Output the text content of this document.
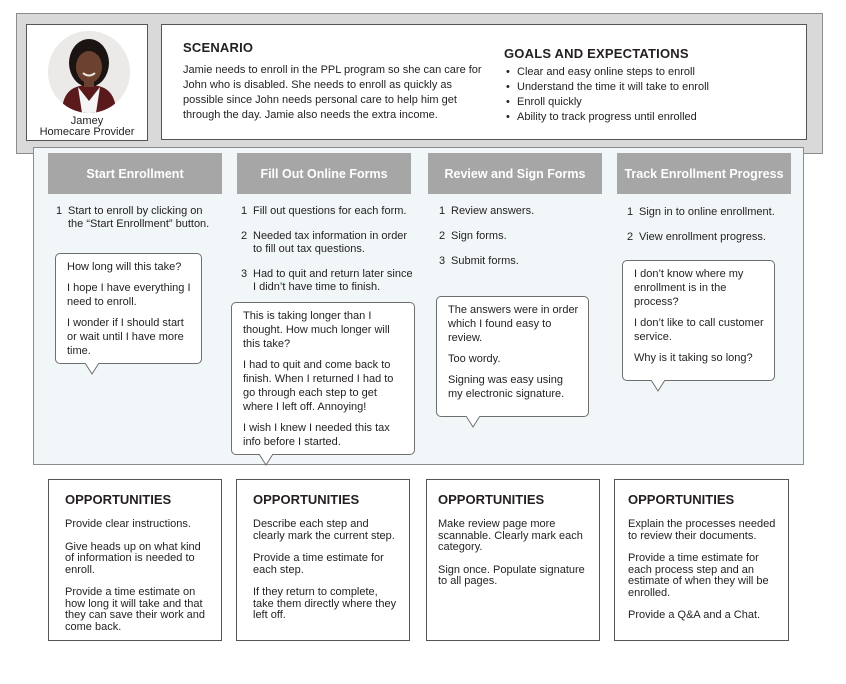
Jamey
Homecare Provider
SCENARIO
Jamie needs to enroll in the PPL program so she can care for John who is disabled. She needs to enroll as quickly as possible since John needs personal care to help him get through the day. Jamie also needs the extra income.
GOALS AND EXPECTATIONS
• Clear and easy online steps to enroll
• Understand the time it will take to enroll
• Enroll quickly
• Ability to track progress until enrolled
Start Enrollment
1 Start to enroll by clicking on the “Start Enrollment” button.

How long will this take?

I hope I have everything I need to enroll.

I wonder if I should start or wait until I have more time.

Fill Out Online Forms
1 Fill out questions for each form.
2 Needed tax information in order to fill out tax questions.
3 Had to quit and return later since I didn’t have time to finish.

This is taking longer than I thought. How much longer will this take?

I had to quit and come back to finish. When I returned I had to go through each step to get where I left off. Annoying!

I wish I knew I needed this tax info before I started.

Review and Sign Forms
1 Review answers.
2 Sign forms.
3 Submit forms.

The answers were in order which I found easy to review.

Too wordy.

Signing was easy using my electronic signature.

Track Enrollment Progress
1 Sign in to online enrollment.
2 View enrollment progress.

I don’t know where my enrollment is in the process?

I don’t like to call customer service.

Why is it taking so long?

OPPORTUNITIES

Provide clear instructions.

Give heads up on what kind of information is needed to enroll.

Provide a time estimate on how long it will take and that they can save their work and come back.

OPPORTUNITIES

Describe each step and clearly mark the current step.

Provide a time estimate for each step.

If they return to complete, take them directly where they left off.

OPPORTUNITIES

Make review page more scannable. Clearly mark each category.

Sign once. Populate signature to all pages.

OPPORTUNITIES

Explain the processes needed to review their documents.

Provide a time estimate for each process step and an estimate of when they will be enrolled.

Provide a Q&A and a Chat.
